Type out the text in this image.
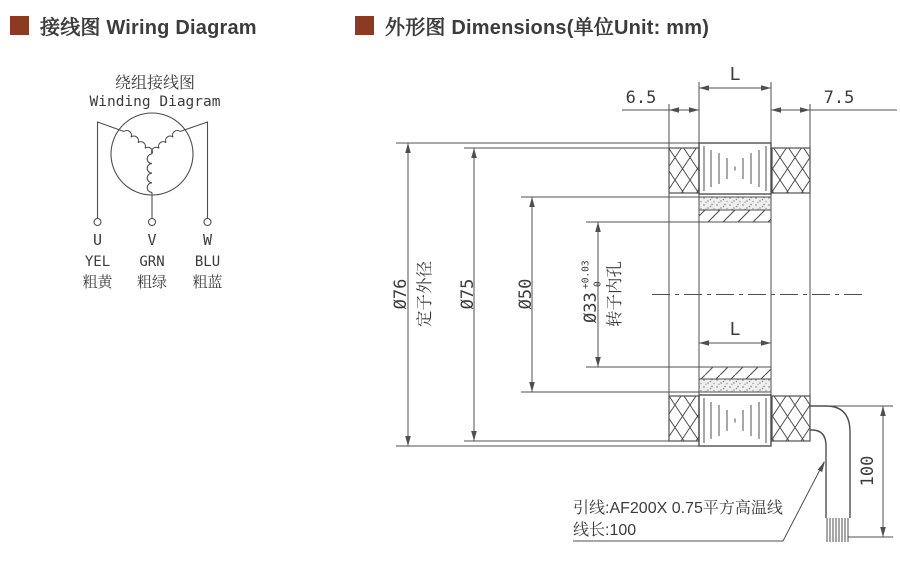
接线图 Wiring Diagram	外形图 Dimensions(单位Unit: mm)
绕组接线图
Winding Diagram
U	V	W
YEL GRN BLU
粗黄 粗绿 粗蓝	Ø76 定子外径 Ø75 Ø50	Ø33
+0.03 0 转子内孔
L
6.5	7.5
L
100
引线:AF200X 0.75平方高温线
线长:100
